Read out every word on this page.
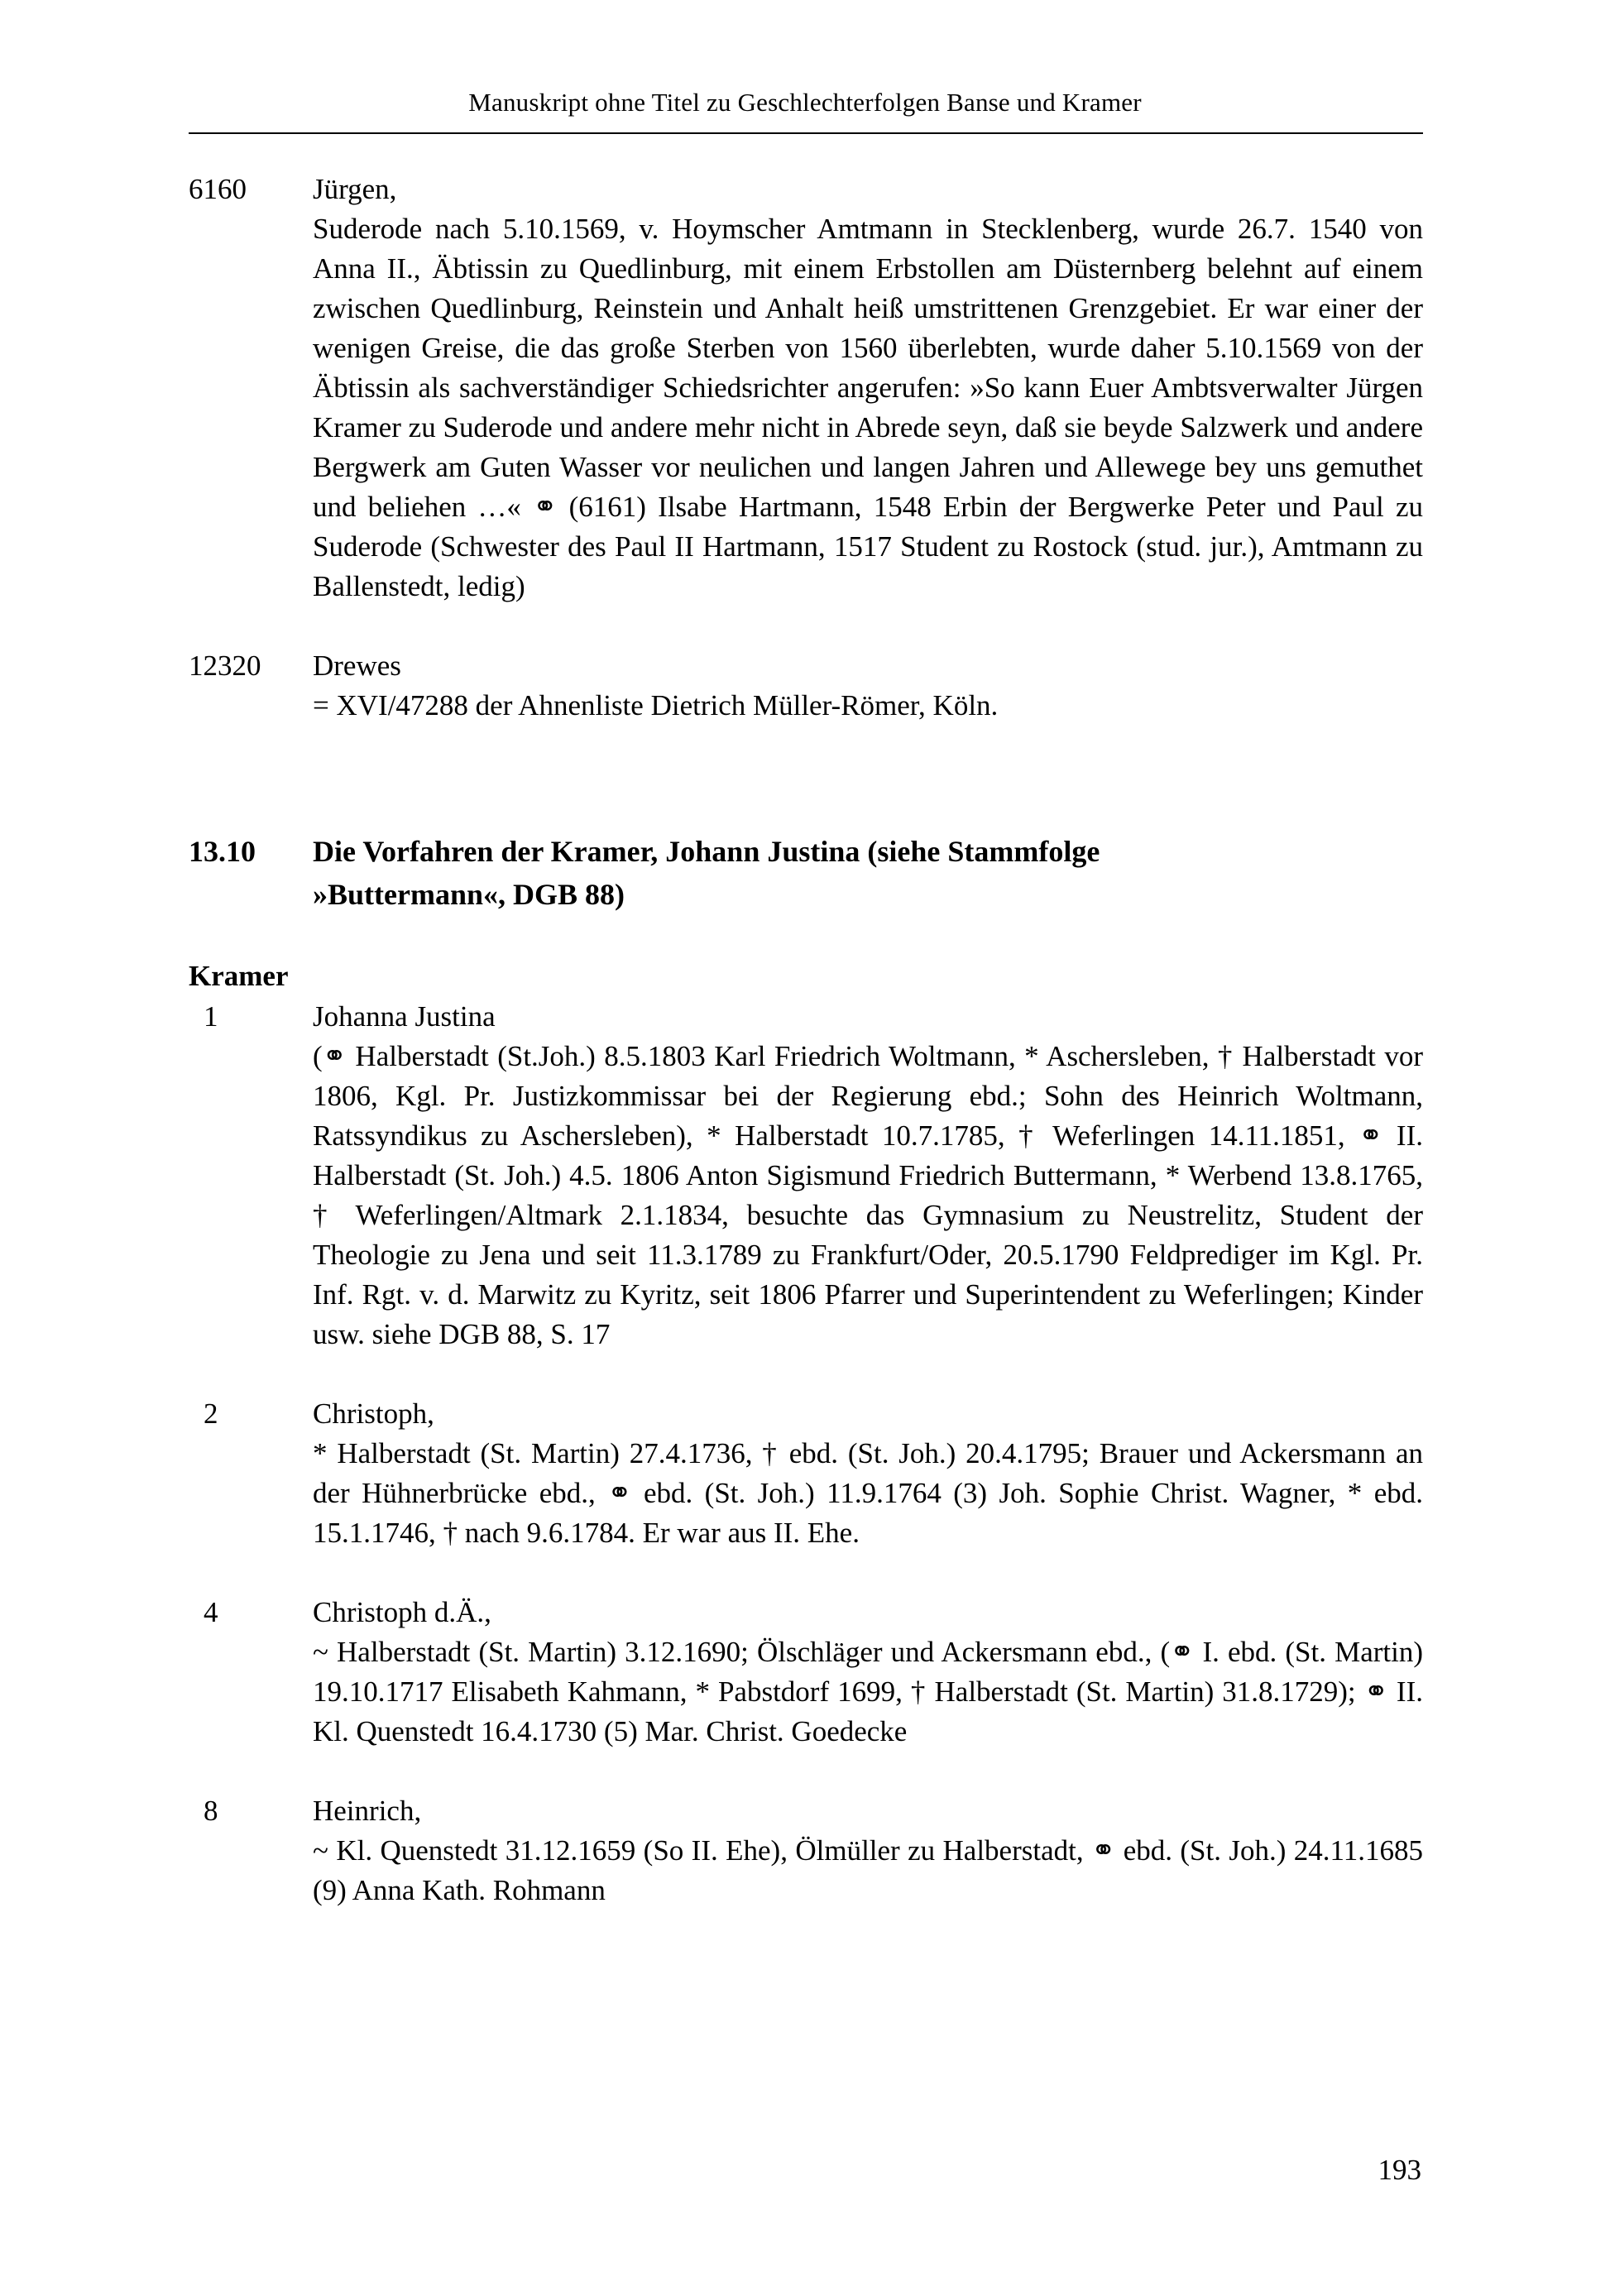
Manuskript ohne Titel zu Geschlechterfolgen Banse und Kramer
6160	Jürgen,
Suderode nach 5.10.1569, v. Hoymscher Amtmann in Stecklenberg, wurde 26.7. 1540 von Anna II., Äbtissin zu Quedlinburg, mit einem Erbstollen am Düsternberg belehnt auf einem zwischen Quedlinburg, Reinstein und Anhalt heiß umstrittenen Grenzgebiet. Er war einer der wenigen Greise, die das große Sterben von 1560 überlebten, wurde daher 5.10.1569 von der Äbtissin als sachverständiger Schiedsrichter angerufen: »So kann Euer Ambtsverwalter Jürgen Kramer zu Suderode und andere mehr nicht in Abrede seyn, daß sie beyde Salzwerk und andere Bergwerk am Guten Wasser vor neulichen und langen Jahren und Allewege bey uns gemuthet und beliehen …« ⚭ (6161) Ilsabe Hartmann, 1548 Erbin der Bergwerke Peter und Paul zu Suderode (Schwester des Paul II Hartmann, 1517 Student zu Rostock (stud. jur.), Amtmann zu Ballenstedt, ledig)
12320	Drewes
= XVI/47288 der Ahnenliste Dietrich Müller-Römer, Köln.
13.10	Die Vorfahren der Kramer, Johann Justina (siehe Stammfolge
»Buttermann«, DGB 88)
Kramer
1	Johanna Justina
(⚭ Halberstadt (St.Joh.) 8.5.1803 Karl Friedrich Woltmann, * Aschersleben, † Halberstadt vor 1806, Kgl. Pr. Justizkommissar bei der Regierung ebd.; Sohn des Heinrich Woltmann, Ratssyndikus zu Aschersleben), * Halberstadt 10.7.1785, † Weferlingen 14.11.1851, ⚭ II. Halberstadt (St. Joh.) 4.5. 1806 Anton Sigismund Friedrich Buttermann, * Werbend 13.8.1765, † Weferlingen/Altmark 2.1.1834, besuchte das Gymnasium zu Neustrelitz, Student der Theologie zu Jena und seit 11.3.1789 zu Frankfurt/Oder, 20.5.1790 Feldprediger im Kgl. Pr. Inf. Rgt. v. d. Marwitz zu Kyritz, seit 1806 Pfarrer und Superintendent zu Weferlingen; Kinder usw. siehe DGB 88, S. 17
2	Christoph,
* Halberstadt (St. Martin) 27.4.1736, † ebd. (St. Joh.) 20.4.1795; Brauer und Ackersmann an der Hühnerbrücke ebd., ⚭ ebd. (St. Joh.) 11.9.1764 (3) Joh. Sophie Christ. Wagner, * ebd. 15.1.1746, † nach 9.6.1784. Er war aus II. Ehe.
4	Christoph d.Ä.,
~ Halberstadt (St. Martin) 3.12.1690; Ölschläger und Ackersmann ebd., (⚭ I. ebd. (St. Martin) 19.10.1717 Elisabeth Kahmann, * Pabstdorf 1699, † Halberstadt (St. Martin) 31.8.1729); ⚭ II. Kl. Quenstedt 16.4.1730 (5) Mar. Christ. Goedecke
8	Heinrich,
~ Kl. Quenstedt 31.12.1659 (So II. Ehe), Ölmüller zu Halberstadt, ⚭ ebd. (St. Joh.) 24.11.1685 (9) Anna Kath. Rohmann
193
